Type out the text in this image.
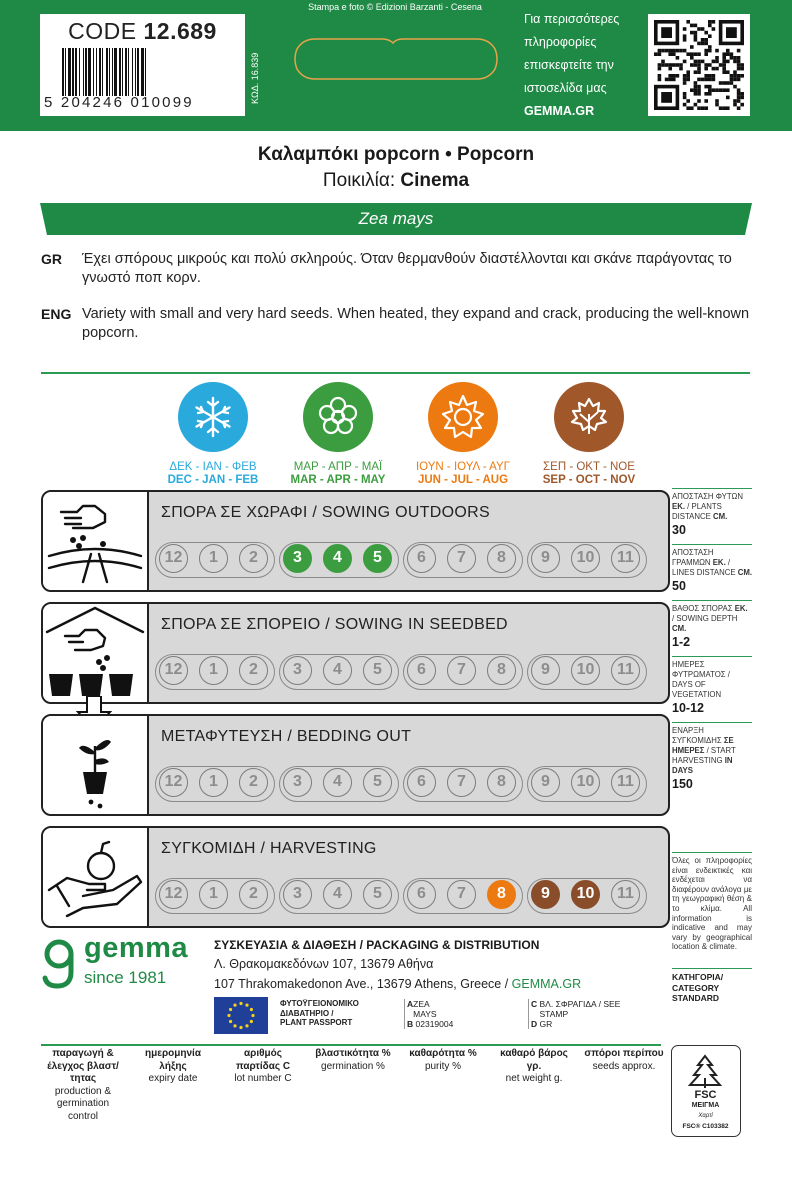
CODE 12.689
5 204246 010099	ΚΩΔ. 16.839
Stampa e foto © Edizioni Barzanti - Cesena
Για περισσότερες
πληροφορίες
επισκεφτείτε την
ιστοσελίδα μας
GEMMA.GR
Καλαμπόκι popcorn • Popcorn
Ποικιλία: Cinema
Zea mays
GR Έχει σπόρους μικρούς και πολύ σκληρούς. Όταν θερμανθούν διαστέλλονται και σκάνε παράγοντας το γνωστό ποπ κορν.
ENG Variety with small and very hard seeds. When heated, they expand and crack, producing the well-known popcorn.
ΔΕΚ - ΙΑΝ - ΦΕΒ
DEC - JAN - FEB
ΜΑΡ - ΑΠΡ - ΜΑΪ
MAR - APR - MAY
ΙΟΥΝ - ΙΟΥΛ - ΑΥΓ
JUN - JUL - AUG
ΣΕΠ - ΟΚΤ - ΝΟΕ
SEP - OCT - NOV
ΣΠΟΡΑ ΣΕ ΧΩΡΑΦΙ / SOWING OUTDOORS
12	1	2	3	4	5	6	7	8	9	10	11
ΣΠΟΡΑ ΣΕ ΣΠΟΡΕΙΟ / SOWING IN SEEDBED
12	1	2	3	4	5	6	7	8	9	10	11
ΜΕΤΑΦΥΤΕΥΣΗ / BEDDING OUT
12	1	2	3	4	5	6	7	8	9	10	11
ΣΥΓΚΟΜΙΔΗ / HARVESTING
12	1	2	3	4	5	6	7	8	9	10	11
ΑΠΟΣΤΑΣΗ ΦΥΤΩΝ ΕΚ. / PLANTS DISTANCE CM.
30
ΑΠΟΣΤΑΣΗ ΓΡΑΜΜΩΝ ΕΚ. / LINES DISTANCE CM.
50
ΒΑΘΟΣ ΣΠΟΡΑΣ ΕΚ. / SOWING DEPTH CM.
1-2
ΗΜΕΡΕΣ ΦΥΤΡΩΜΑΤΟΣ / DAYS OF VEGETATION
10-12
ΕΝΑΡΞΗ ΣΥΓΚΟΜΙΔΗΣ ΣΕ ΗΜΕΡΕΣ / START HARVESTING IN DAYS
150
Όλες οι πληροφορίες είναι ενδεικτικές και ενδέχεται να διαφέρουν ανάλογα με τη γεωγραφική θέση & το κλίμα. All information is indicative and may vary by geographical location & climate.
ΚΑΤΗΓΟΡΙΑ/ CATEGORY STANDARD
gemma
since 1981
ΣΥΣΚΕΥΑΣΙΑ & ΔΙΑΘΕΣΗ / PACKAGING & DISTRIBUTION
Λ. Θρακομακεδόνων 107, 13679 Αθήνα
107 Thrakomakedonon Ave., 13679 Athens, Greece / GEMMA.GR
ΦΥΤΟΫΓΕΙΟΝΟΜΙΚΟ
ΔΙΑΒΑΤΗΡΙΟ /
PLANT PASSPORT
AZEA MAYS
B 02319004
C ΒΛ. ΣΦΡΑΓΙΔΑ / SEE STAMP
D GR
παραγωγή & έλεγχος βλαστ/τητας
production & germination control
ημερομηνία λήξης
expiry date
αριθμός παρτίδας C
lot number C
βλαστικότητα %
germination %
καθαρότητα %
purity %
καθαρό βάρος γρ.
net weight g.
σπόροι περίπου
seeds approx.
FSC
ΜΕΙΓΜΑ
Χαρτί
FSC® C103382
